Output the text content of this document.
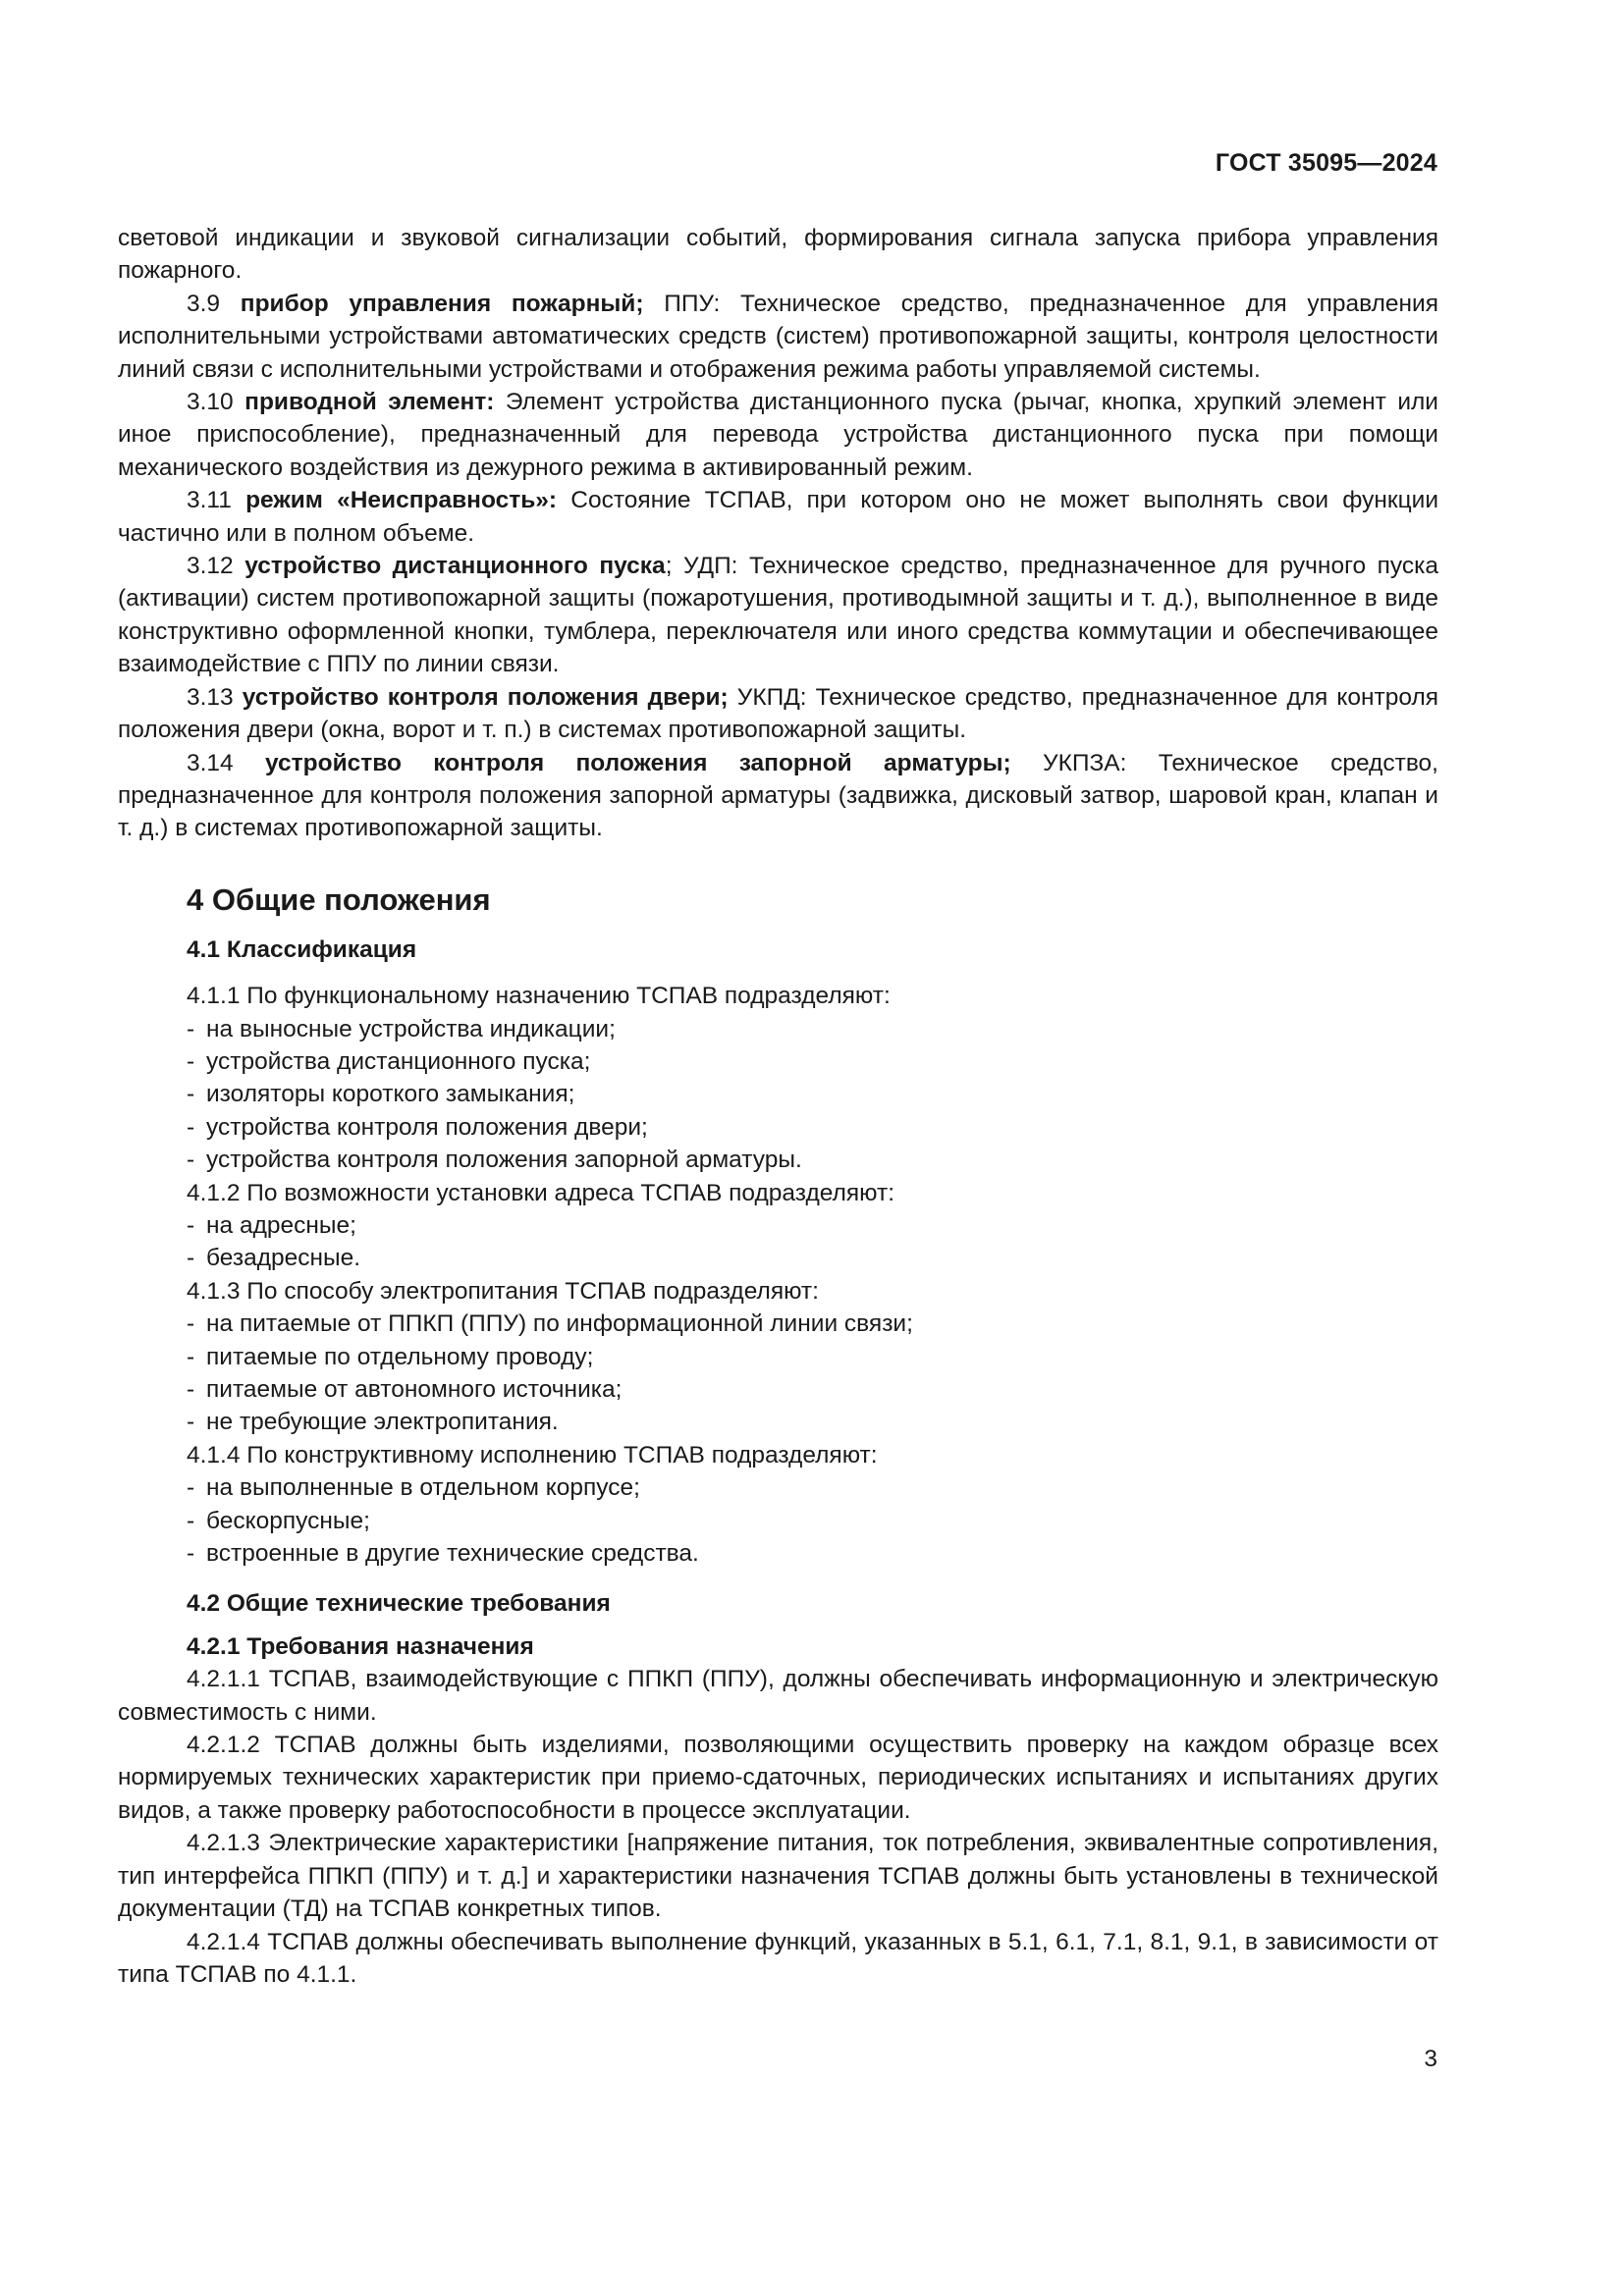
ГОСТ 35095—2024

световой индикации и звуковой сигнализации событий, формирования сигнала запуска прибора управления пожарного.

3.9 прибор управления пожарный; ППУ: Техническое средство, предназначенное для управления исполнительными устройствами автоматических средств (систем) противопожарной защиты, контроля целостности линий связи с исполнительными устройствами и отображения режима работы управляемой системы.

3.10 приводной элемент: Элемент устройства дистанционного пуска (рычаг, кнопка, хрупкий элемент или иное приспособление), предназначенный для перевода устройства дистанционного пуска при помощи механического воздействия из дежурного режима в активированный режим.

3.11 режим «Неисправность»: Состояние ТСПАВ, при котором оно не может выполнять свои функции частично или в полном объеме.

3.12 устройство дистанционного пуска; УДП: Техническое средство, предназначенное для ручного пуска (активации) систем противопожарной защиты (пожаротушения, противодымной защиты и т. д.), выполненное в виде конструктивно оформленной кнопки, тумблера, переключателя или иного средства коммутации и обеспечивающее взаимодействие с ППУ по линии связи.

3.13 устройство контроля положения двери; УКПД: Техническое средство, предназначенное для контроля положения двери (окна, ворот и т. п.) в системах противопожарной защиты.

3.14 устройство контроля положения запорной арматуры; УКПЗА: Техническое средство, предназначенное для контроля положения запорной арматуры (задвижка, дисковый затвор, шаровой кран, клапан и т. д.) в системах противопожарной защиты.

4 Общие положения
4.1 Классификация

4.1.1 По функциональному назначению ТСПАВ подразделяют:

- на выносные устройства индикации;

- устройства дистанционного пуска;

- изоляторы короткого замыкания;

- устройства контроля положения двери;

- устройства контроля положения запорной арматуры.

4.1.2 По возможности установки адреса ТСПАВ подразделяют:

- на адресные;

- безадресные.

4.1.3 По способу электропитания ТСПАВ подразделяют:

- на питаемые от ППКП (ППУ) по информационной линии связи;

- питаемые по отдельному проводу;

- питаемые от автономного источника;

- не требующие электропитания.

4.1.4 По конструктивному исполнению ТСПАВ подразделяют:

- на выполненные в отдельном корпусе;

- бескорпусные;

- встроенные в другие технические средства.

4.2 Общие технические требования
4.2.1 Требования назначения

4.2.1.1 ТСПАВ, взаимодействующие с ППКП (ППУ), должны обеспечивать информационную и электрическую совместимость с ними.

4.2.1.2 ТСПАВ должны быть изделиями, позволяющими осуществить проверку на каждом образце всех нормируемых технических характеристик при приемо-сдаточных, периодических испытаниях и испытаниях других видов, а также проверку работоспособности в процессе эксплуатации.

4.2.1.3 Электрические характеристики [напряжение питания, ток потребления, эквивалентные сопротивления, тип интерфейса ППКП (ППУ) и т. д.] и характеристики назначения ТСПАВ должны быть установлены в технической документации (ТД) на ТСПАВ конкретных типов.

4.2.1.4 ТСПАВ должны обеспечивать выполнение функций, указанных в 5.1, 6.1, 7.1, 8.1, 9.1, в зависимости от типа ТСПАВ по 4.1.1.

3
